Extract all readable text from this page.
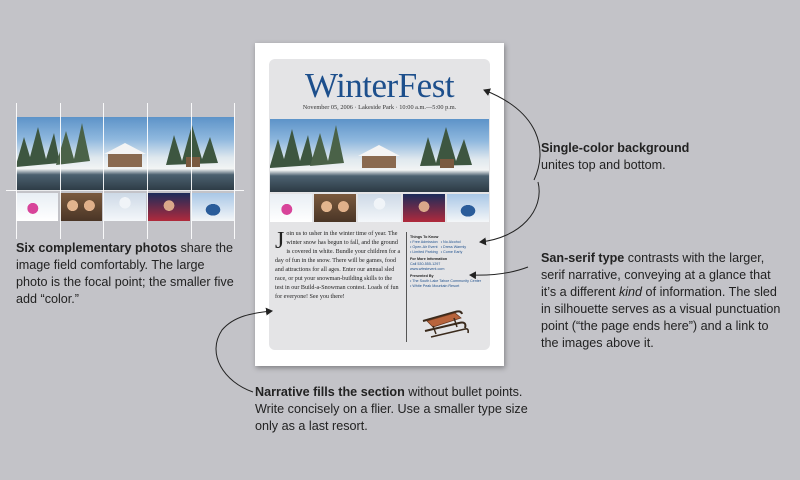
WinterFest
November 05, 2006 · Lakeside Park · 10:00 a.m.—5:00 p.m.
J oin us to usher in the winter time of year. The winter snow has begun to fall, and the ground is covered in white. Bundle your children for a day of fun in the snow. There will be games, food and attractions for all ages. Enter our annual sled race, or put your snowman-building skills to the test in our Build-a-Snowman contest. Loads of fun for everyone! See you there!
Things To Know
• Free Admission
• Open-Air Event
• Limited Parking
• No Alcohol
• Dress Warmly
• Come Early
For More Information
Call 530-555-1297
www.wfestevent.com
Presented By
• The South Lake Tahoe Community Center
• White Peak Mountain Resort
Six complementary photos share the image field comfortably. The large photo is the focal point; the smaller five add “color.”
Single-color background
unites top and bottom.
San-serif type contrasts with the larger, serif narrative, conveying at a glance that it’s a different kind of information. The sled in silhouette serves as a visual punctuation point (“the page ends here”) and a link to the images above it.
Narrative fills the section without bullet points. Write concisely on a flier. Use a smaller type size only as a last resort.
